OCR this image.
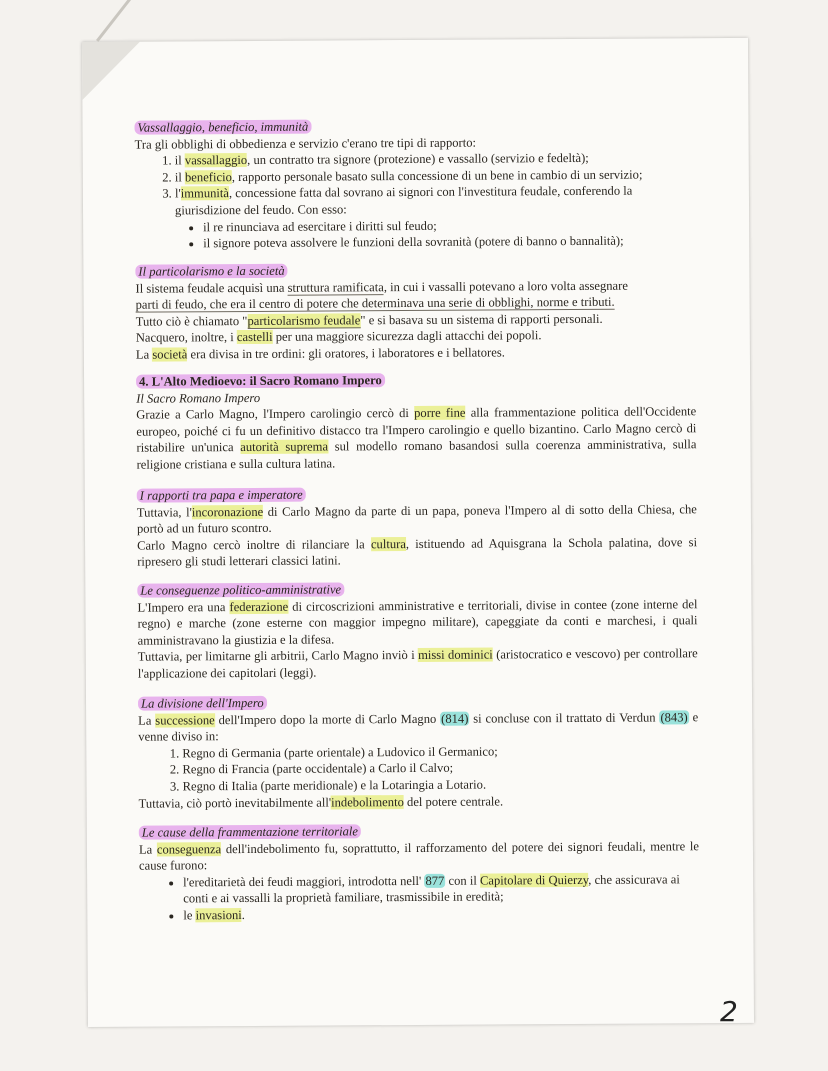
Vassallaggio, beneficio, immunità

Tra gli obblighi di obbedienza e servizio c'erano tre tipi di rapporto:

1. il vassallaggio, un contratto tra signore (protezione) e vassallo (servizio e fedeltà);
2. il beneficio, rapporto personale basato sulla concessione di un bene in cambio di un servizio;
3. l'immunità, concessione fatta dal sovrano ai signori con l'investitura feudale, conferendo la giurisdizione del feudo. Con esso:
• il re rinunciava ad esercitare i diritti sul feudo;
• il signore poteva assolvere le funzioni della sovranità (potere di banno o bannalità);
Il particolarismo e la società

Il sistema feudale acquisì una struttura ramificata, in cui i vassalli potevano a loro volta assegnare

parti di feudo, che era il centro di potere che determinava una serie di obblighi, norme e tributi.

Tutto ciò è chiamato "particolarismo feudale" e si basava su un sistema di rapporti personali.

Nacquero, inoltre, i castelli per una maggiore sicurezza dagli attacchi dei popoli.

La società era divisa in tre ordini: gli oratores, i laboratores e i bellatores.

4. L'Alto Medioevo: il Sacro Romano Impero
Il Sacro Romano Impero

Grazie a Carlo Magno, l'Impero carolingio cercò di porre fine alla frammentazione politica dell'Occidente europeo, poiché ci fu un definitivo distacco tra l'Impero carolingio e quello bizantino. Carlo Magno cercò di ristabilire un'unica autorità suprema sul modello romano basandosi sulla coerenza amministrativa, sulla religione cristiana e sulla cultura latina.

I rapporti tra papa e imperatore

Tuttavia, l'incoronazione di Carlo Magno da parte di un papa, poneva l'Impero al di sotto della Chiesa, che portò ad un futuro scontro.

Carlo Magno cercò inoltre di rilanciare la cultura, istituendo ad Aquisgrana la Schola palatina, dove si ripresero gli studi letterari classici latini.

Le conseguenze politico-amministrative

L'Impero era una federazione di circoscrizioni amministrative e territoriali, divise in contee (zone interne del regno) e marche (zone esterne con maggior impegno militare), capeggiate da conti e marchesi, i quali amministravano la giustizia e la difesa.

Tuttavia, per limitarne gli arbitrii, Carlo Magno inviò i missi dominici (aristocratico e vescovo) per controllare l'applicazione dei capitolari (leggi).

La divisione dell'Impero

La successione dell'Impero dopo la morte di Carlo Magno (814) si concluse con il trattato di Verdun (843) e venne diviso in:

1. Regno di Germania (parte orientale) a Ludovico il Germanico;
2. Regno di Francia (parte occidentale) a Carlo il Calvo;
3. Regno di Italia (parte meridionale) e la Lotaringia a Lotario.

Tuttavia, ciò portò inevitabilmente all'indebolimento del potere centrale.

Le cause della frammentazione territoriale

La conseguenza dell'indebolimento fu, soprattutto, il rafforzamento del potere dei signori feudali, mentre le cause furono:

• l'ereditarietà dei feudi maggiori, introdotta nell' 877 con il Capitolare di Quierzy, che assicurava ai conti e ai vassalli la proprietà familiare, trasmissibile in eredità;
• le invasioni.
2
